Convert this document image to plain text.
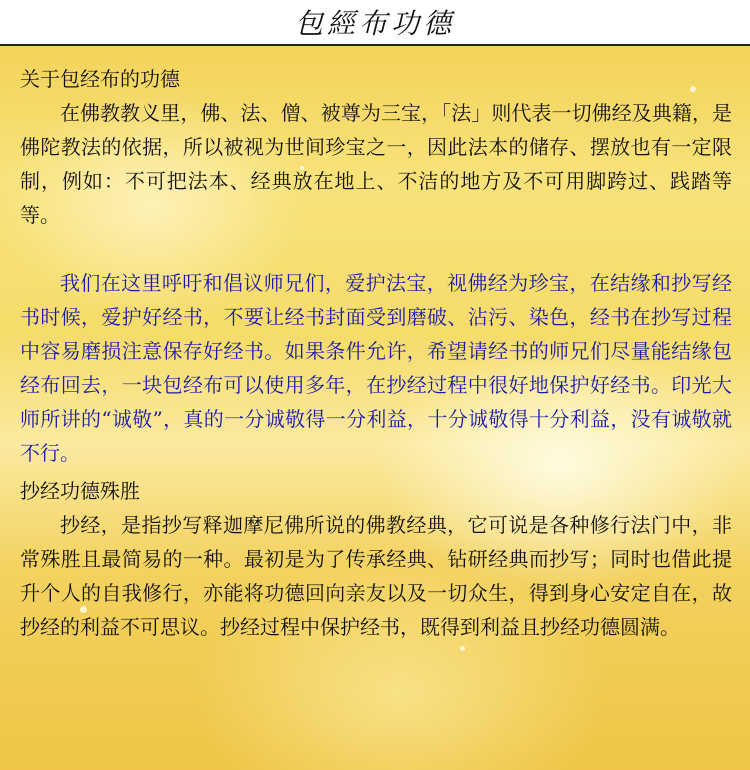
包經布功德

关于包经布的功德

在佛教教义里，佛、法、僧、被尊为三宝，「法」则代表一切佛经及典籍，是佛陀教法的依据，所以被视为世间珍宝之一，因此法本的储存、摆放也有一定限制，例如：不可把法本、经典放在地上、不洁的地方及不可用脚跨过、践踏等等。

我们在这里呼吁和倡议师兄们，爱护法宝，视佛经为珍宝，在结缘和抄写经书时候，爱护好经书，不要让经书封面受到磨破、沾污、染色，经书在抄写过程中容易磨损注意保存好经书。如果条件允许，希望请经书的师兄们尽量能结缘包经布回去，一块包经布可以使用多年，在抄经过程中很好地保护好经书。印光大师所讲的“诚敬”，真的一分诚敬得一分利益，十分诚敬得十分利益，没有诚敬就不行。

抄经功德殊胜

抄经，是指抄写释迦摩尼佛所说的佛教经典，它可说是各种修行法门中，非常殊胜且最简易的一种。最初是为了传承经典、钻研经典而抄写；同时也借此提升个人的自我修行，亦能将功德回向亲友以及一切众生，得到身心安定自在，故抄经的利益不可思议。抄经过程中保护经书，既得到利益且抄经功德圆满。
